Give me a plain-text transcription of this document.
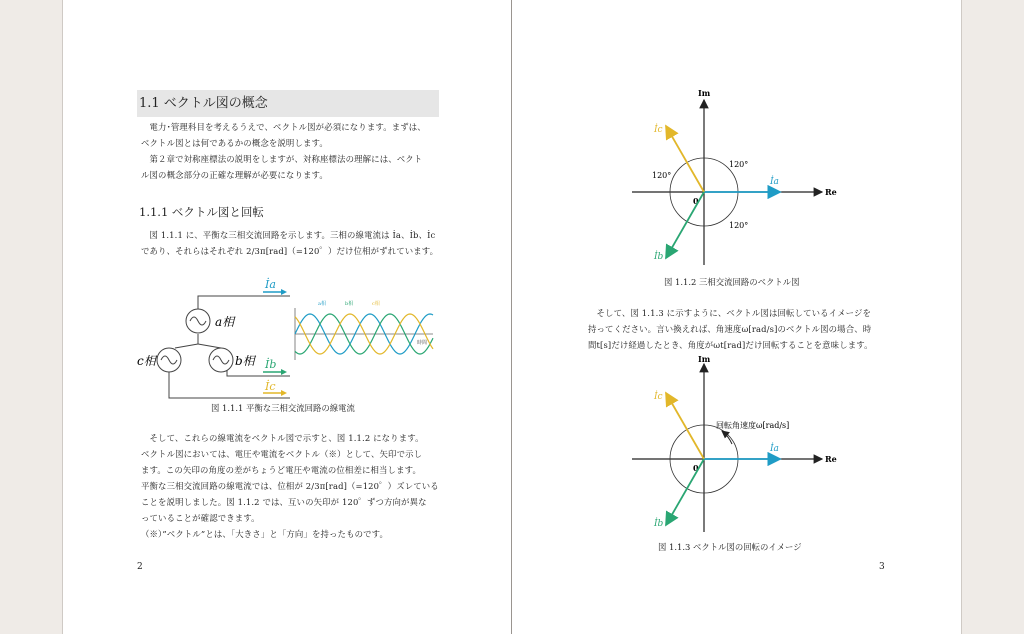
1.1 ベクトル図の概念
　電力･管理科目を考えるうえで、ベクトル図が必須になります。まずは、
ベクトル図とは何であるかの概念を説明します。
　第２章で対称座標法の説明をしますが、対称座標法の理解には、ベクト
ル図の概念部分の正確な理解が必要になります。
1.1.1 ベクトル図と回転
　図 1.1.1 に、平衡な三相交流回路を示します。三相の線電流は İa、İb、İc
であり、それらはそれぞれ 2/3π[rad]（=120゜）だけ位相がずれています。
a相
c相	b相
İa
İb
İc
a相	b相	c相
時間
図 1.1.1 平衡な三相交流回路の線電流
　そして、これらの線電流をベクトル図で示すと、図 1.1.2 になります。
ベクトル図においては、電圧や電流をベクトル（※）として、矢印で示し
ます。この矢印の角度の差がちょうど電圧や電流の位相差に相当します。
平衡な三相交流回路の線電流では、位相が 2/3π[rad]（=120゜）ズレている
ことを説明しました。図 1.1.2 では、互いの矢印が 120゜ずつ方向が異な
っていることが確認できます。
（※）”ベクトル”とは、「大きさ」と「方向」を持ったものです。
2
Im
Re
0
İa
İc
İb
120°
120°
120°
図 1.1.2 三相交流回路のベクトル図
　そして、図 1.1.3 に示すように、ベクトル図は回転しているイメージを
持ってください。言い換えれば、角速度ω[rad/s]のベクトル図の場合、時
間t[s]だけ経過したとき、角度がωt[rad]だけ回転することを意味します。
Im
Re
0
İa
İc
İb
回転角速度ω[rad/s]
図 1.1.3 ベクトル図の回転のイメージ
3
